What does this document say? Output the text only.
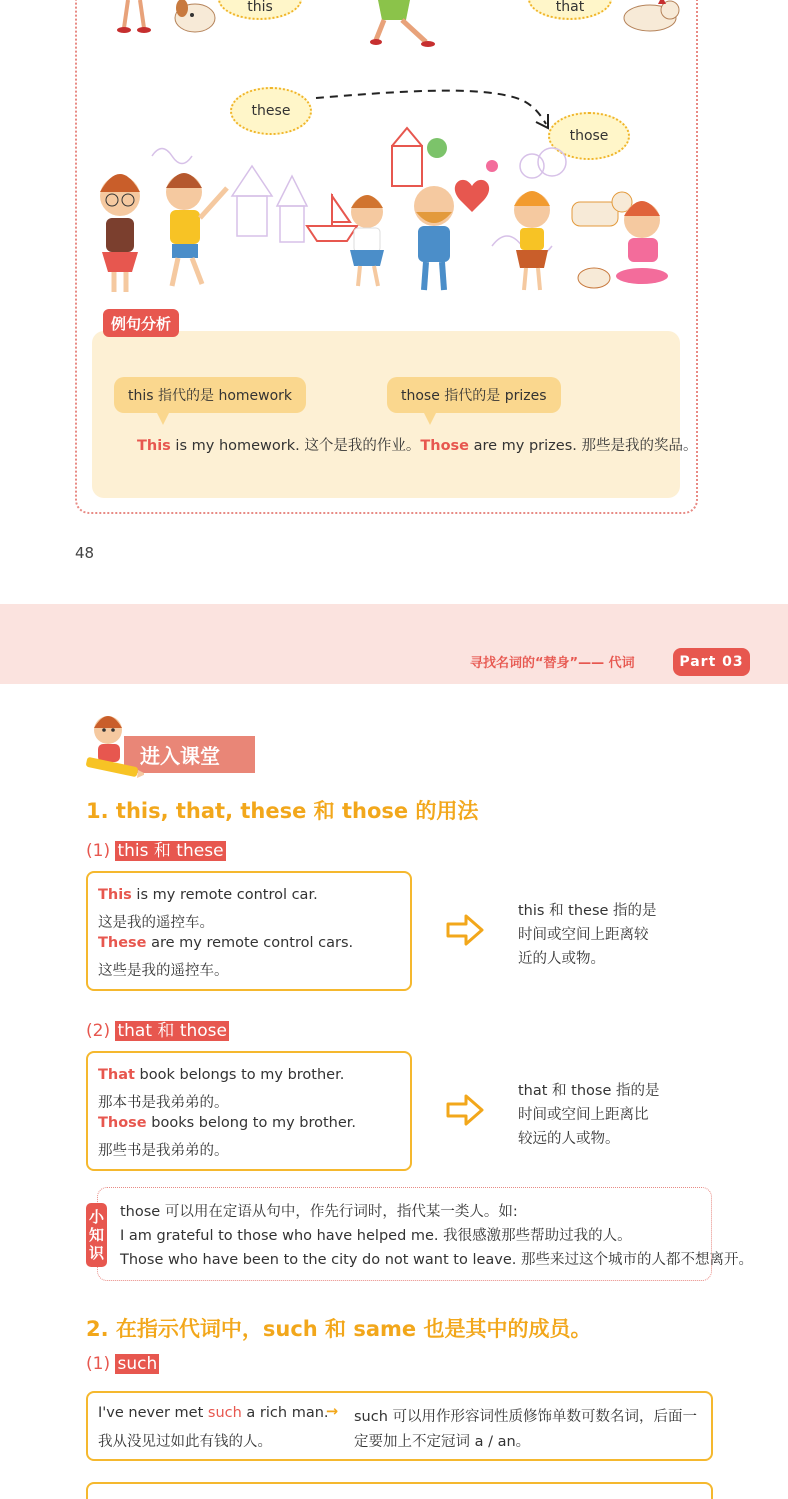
this	that
these
those
例句分析
this 指代的是 homework	those 指代的是 prizes
This is my homework. 这个是我的作业。Those are my prizes. 那些是我的奖品。
48
寻找名词的“替身”—— 代词	Part 03
进入课堂
1. this, that, these 和 those 的用法
(1) this 和 these
This is my remote control car.
这是我的遥控车。
These are my remote control cars.
这些是我的遥控车。
this 和 these 指的是
时间或空间上距离较
近的人或物。
(2) that 和 those
That book belongs to my brother.
那本书是我弟弟的。
Those books belong to my brother.
那些书是我弟弟的。
that 和 those 指的是
时间或空间上距离比
较远的人或物。
小知识
those 可以用在定语从句中，作先行词时，指代某一类人。如:
I am grateful to those who have helped me. 我很感激那些帮助过我的人。
Those who have been to the city do not want to leave. 那些来过这个城市的人都不想离开。
2. 在指示代词中，such 和 same 也是其中的成员。
(1) such
I've never met such a rich man.
我从没见过如此有钱的人。
→ such 可以用作形容词性质修饰单数可数名词，后面一
定要加上不定冠词 a / an。
